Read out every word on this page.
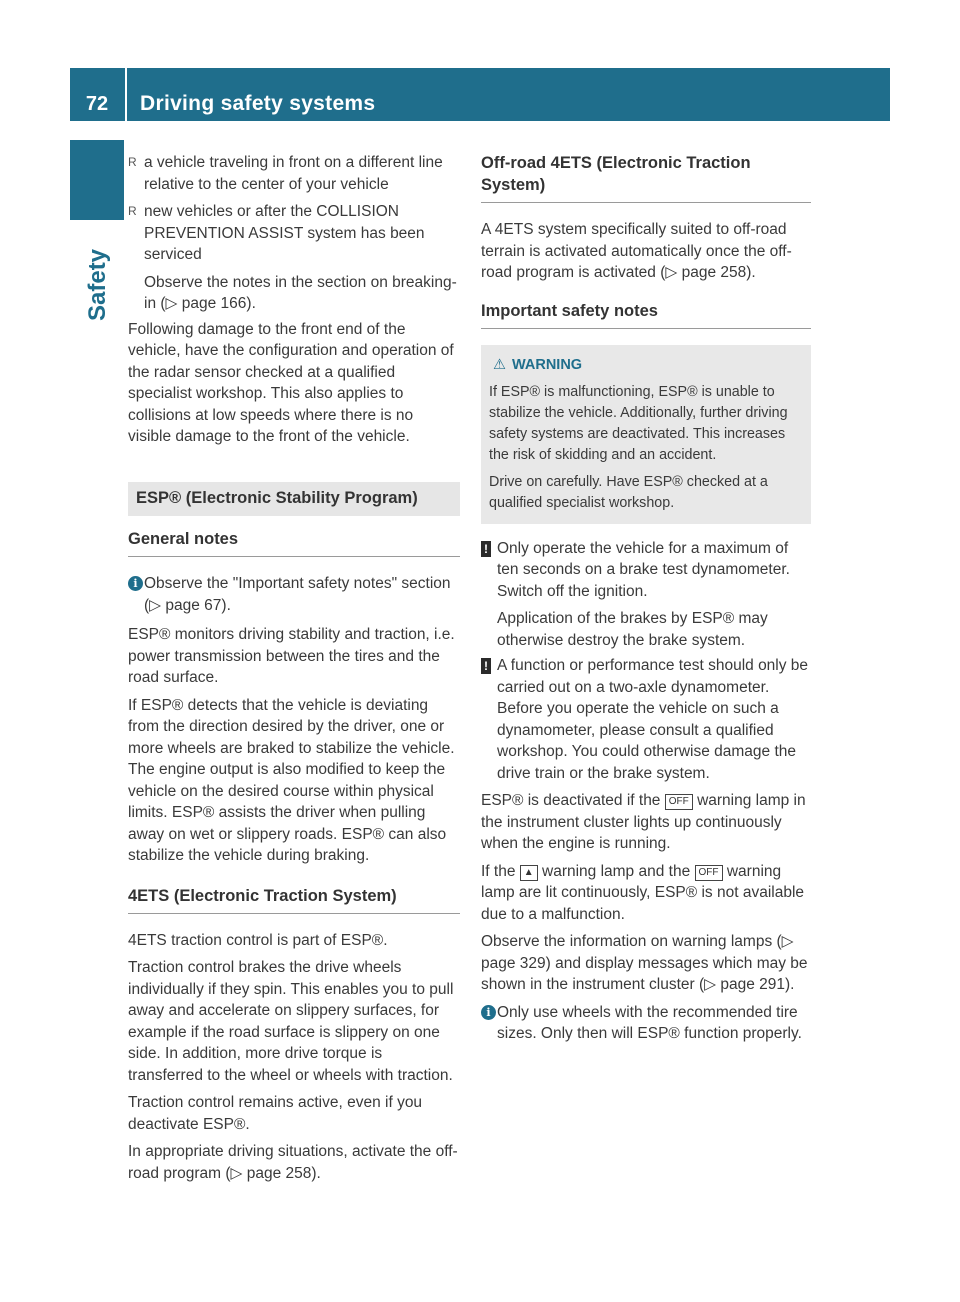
72	Driving safety systems
Safety
R a vehicle traveling in front on a different line relative to the center of your vehicle
R new vehicles or after the COLLISION PREVENTION ASSIST system has been serviced

Observe the notes in the section on breaking-in (▷ page 166).

Following damage to the front end of the vehicle, have the configuration and operation of the radar sensor checked at a qualified specialist workshop. This also applies to collisions at low speeds where there is no visible damage to the front of the vehicle.

ESP® (Electronic Stability Program)
General notes
i Observe the "Important safety notes" section (▷ page 67).

ESP® monitors driving stability and traction, i.e. power transmission between the tires and the road surface.

If ESP® detects that the vehicle is deviating from the direction desired by the driver, one or more wheels are braked to stabilize the vehicle. The engine output is also modified to keep the vehicle on the desired course within physical limits. ESP® assists the driver when pulling away on wet or slippery roads. ESP® can also stabilize the vehicle during braking.

4ETS (Electronic Traction System)

4ETS traction control is part of ESP®.

Traction control brakes the drive wheels individually if they spin. This enables you to pull away and accelerate on slippery surfaces, for example if the road surface is slippery on one side. In addition, more drive torque is transferred to the wheel or wheels with traction.

Traction control remains active, even if you deactivate ESP®.

In appropriate driving situations, activate the off-road program (▷ page 258).

Off-road 4ETS (Electronic Traction System)

A 4ETS system specifically suited to off-road terrain is activated automatically once the off-road program is activated (▷ page 258).

Important safety notes
⚠ WARNING

If ESP® is malfunctioning, ESP® is unable to stabilize the vehicle. Additionally, further driving safety systems are deactivated. This increases the risk of skidding and an accident.

Drive on carefully. Have ESP® checked at a qualified specialist workshop.

! Only operate the vehicle for a maximum of ten seconds on a brake test dynamometer. Switch off the ignition.

Application of the brakes by ESP® may otherwise destroy the brake system.

! A function or performance test should only be carried out on a two-axle dynamometer. Before you operate the vehicle on such a dynamometer, please consult a qualified workshop. You could otherwise damage the drive train or the brake system.

ESP® is deactivated if the OFF warning lamp in the instrument cluster lights up continuously when the engine is running.

If the ▲ warning lamp and the OFF warning lamp are lit continuously, ESP® is not available due to a malfunction.

Observe the information on warning lamps (▷ page 329) and display messages which may be shown in the instrument cluster (▷ page 291).

i Only use wheels with the recommended tire sizes. Only then will ESP® function properly.
